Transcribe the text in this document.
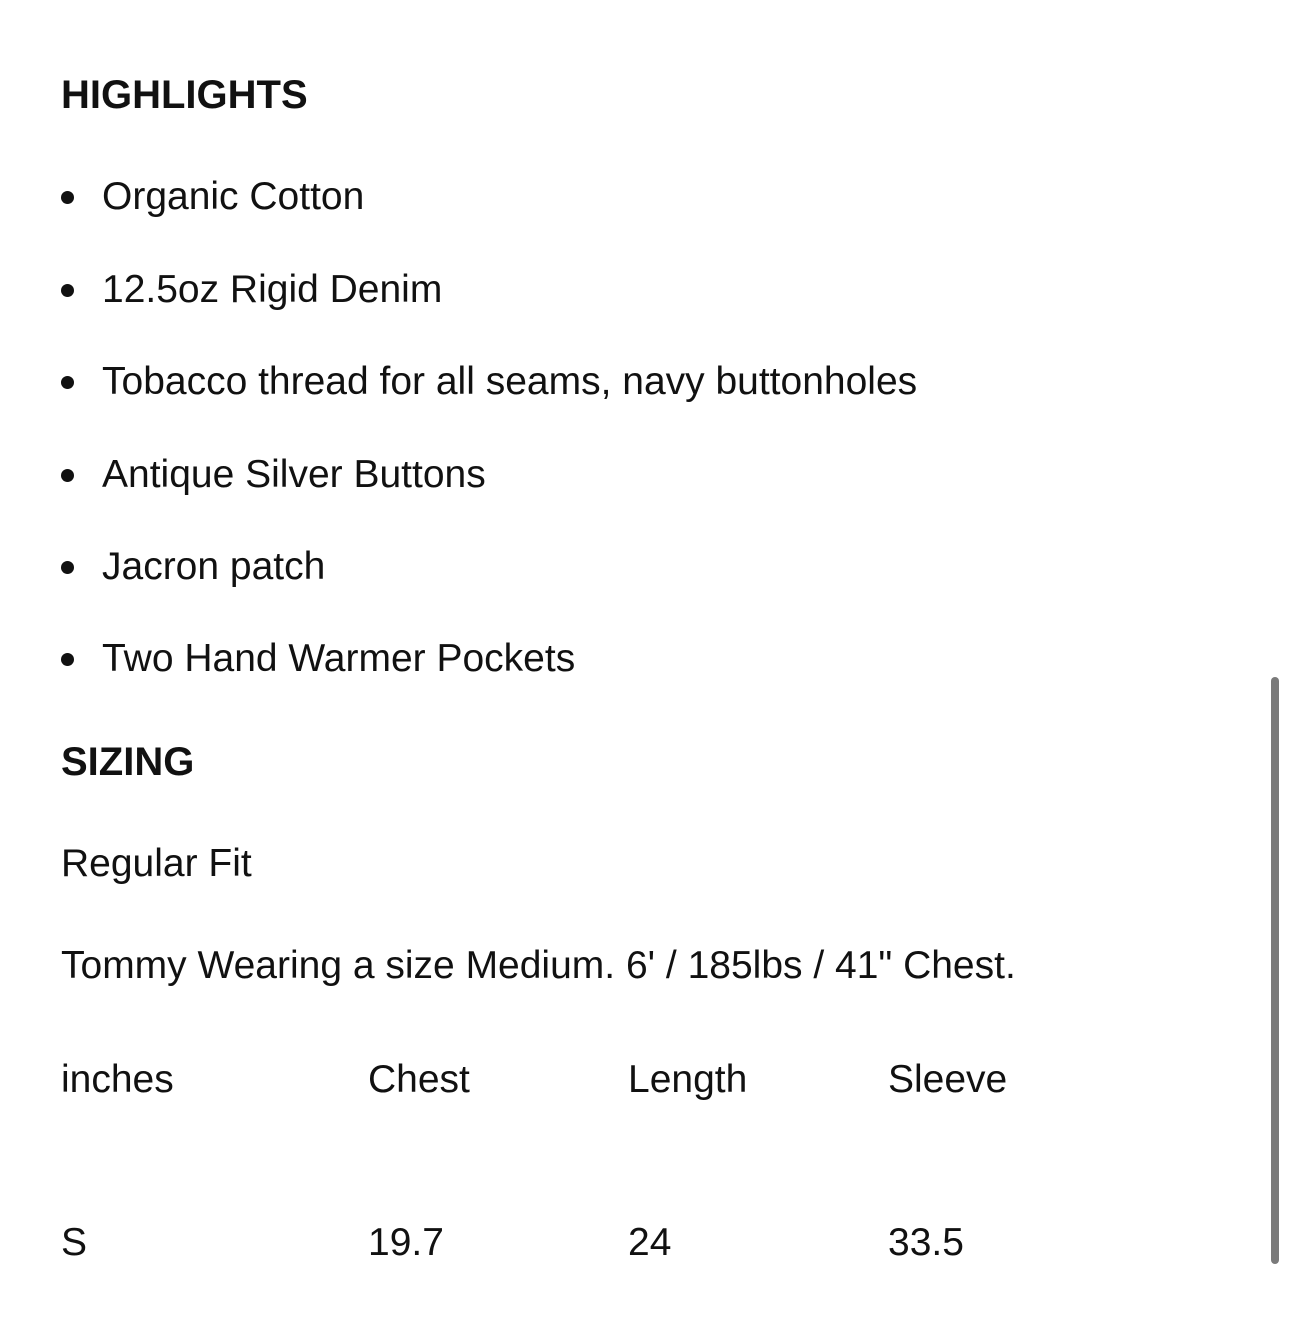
HIGHLIGHTS
Organic Cotton
12.5oz Rigid Denim
Tobacco thread for all seams, navy buttonholes
Antique Silver Buttons
Jacron patch
Two Hand Warmer Pockets
SIZING

Regular Fit

Tommy Wearing a size Medium. 6' / 185lbs / 41" Chest.

inches	Chest	Length	Sleeve
S	19.7	24	33.5
